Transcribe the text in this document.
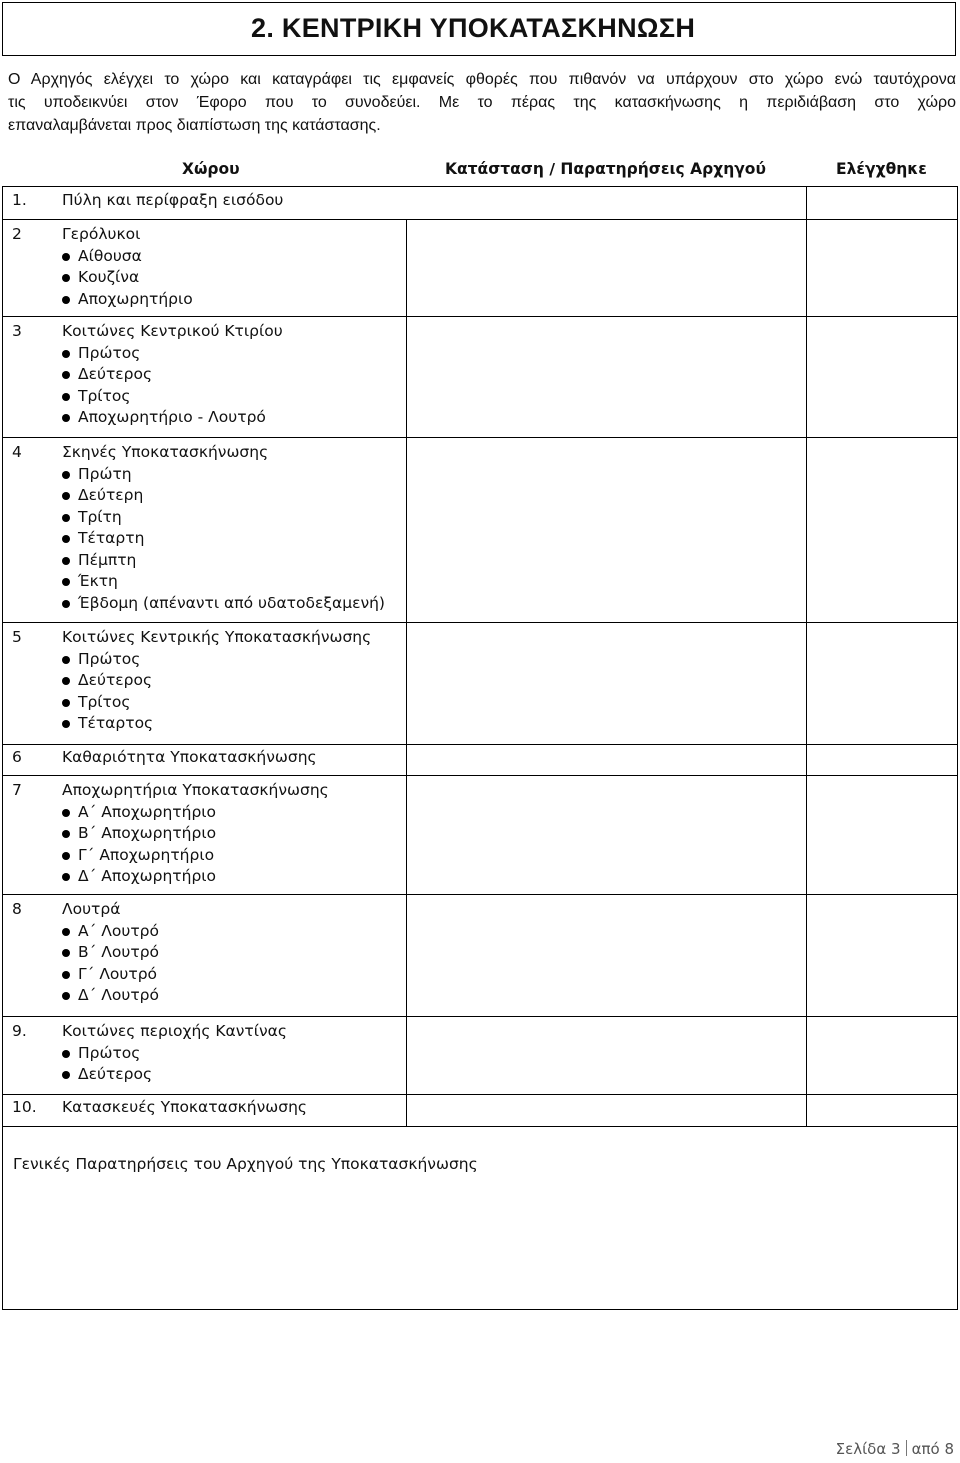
2. ΚΕΝΤΡΙΚΗ ΥΠΟΚΑΤΑΣΚΗΝΩΣΗ
Ο Αρχηγός ελέγχει το χώρο και καταγράφει τις εμφανείς φθορές που πιθανόν να υπάρχουν στο χώρο ενώ ταυτόχρονα
τις υποδεικνύει στον Έφορο που το συνοδεύει. Με το πέρας της κατασκήνωσης η περιδιάβαση στο χώρο
επαναλαμβάνεται προς διαπίστωση της κατάστασης.
Χώρου	Κατάσταση / Παρατηρήσεις Αρχηγού	Ελέγχθηκε
1. Πύλη και περίφραξη εισόδου
2	Γερόλυκοι
Αίθουσα
Κουζίνα
Αποχωρητήριο
3	Κοιτώνες Κεντρικού Κτιρίου
Πρώτος
Δεύτερος
Τρίτος
Αποχωρητήριο - Λουτρό
4	Σκηνές Υποκατασκήνωσης
Πρώτη
Δεύτερη
Τρίτη
Τέταρτη
Πέμπτη
Έκτη
Έβδομη (απέναντι από υδατοδεξαμενή)
5	Κοιτώνες Κεντρικής Υποκατασκήνωσης
Πρώτος
Δεύτερος
Τρίτος
Τέταρτος
6	Καθαριότητα Υποκατασκήνωσης
7	Αποχωρητήρια Υποκατασκήνωσης
Α΄ Αποχωρητήριο
Β΄ Αποχωρητήριο
Γ΄ Αποχωρητήριο
Δ΄ Αποχωρητήριο
8	Λουτρά
Α΄ Λουτρό
Β΄ Λουτρό
Γ΄ Λουτρό
Δ΄ Λουτρό
9. Κοιτώνες περιοχής Καντίνας
Πρώτος
Δεύτερος
10. Κατασκευές Υποκατασκήνωσης
Γενικές Παρατηρήσεις του Αρχηγού της Υποκατασκήνωσης
Σελίδα 3 από 8
